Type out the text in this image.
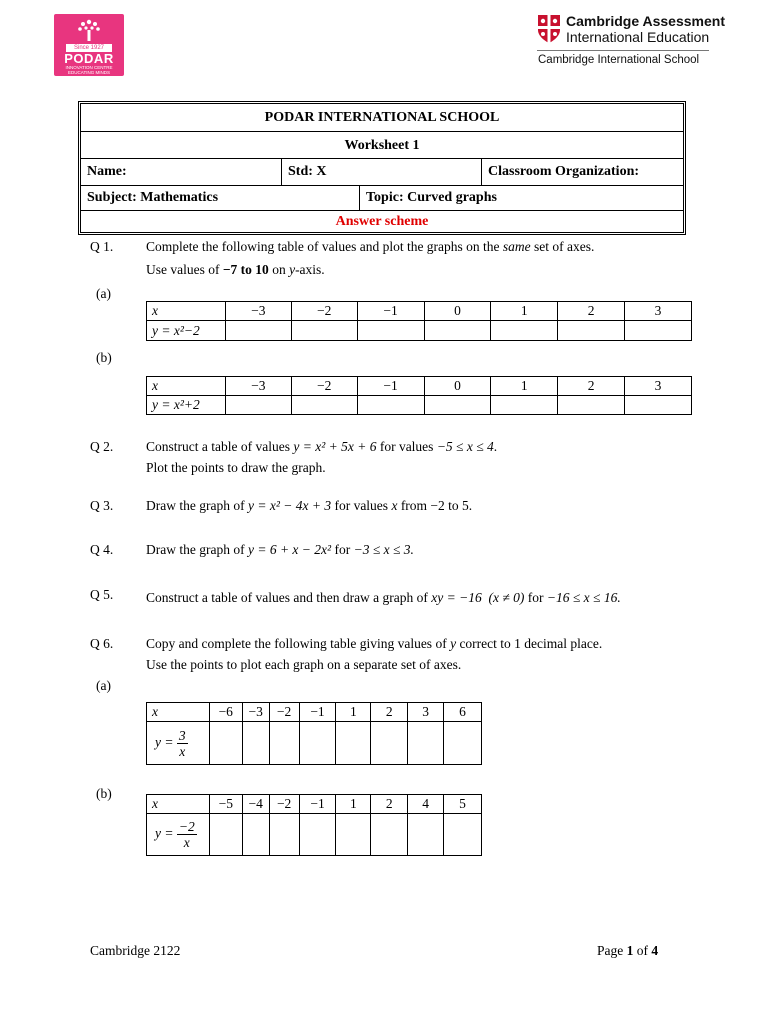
Since 1927
PODAR
INNOVATION CENTRE
EDUCATING MINDS
Cambridge Assessment
International Education
Cambridge International School
PODAR INTERNATIONAL SCHOOL
Worksheet 1
Name:	Std: X	Classroom Organization:
Subject: Mathematics	Topic: Curved graphs
Answer scheme
Q 1. Complete the following table of values and plot the graphs on the same set of axes.
Use values of −7 to 10 on y-axis.
(a)
x	−3	−2	−1	0	1	2	3
y = x²−2							
(b)
x	−3	−2	−1	0	1	2	3
y = x²+2							
Q 2. Construct a table of values y = x² + 5x + 6 for values −5 ≤ x ≤ 4.
Plot the points to draw the graph.
Q 3. Draw the graph of y = x² − 4x + 3 for values x from −2 to 5.
Q 4. Draw the graph of y = 6 + x − 2x² for −3 ≤ x ≤ 3.
Q 5. Construct a table of values and then draw a graph of xy = −16 (x ≠ 0) for −16 ≤ x ≤ 16.
Q 6. Copy and complete the following table giving values of y correct to 1 decimal place.
Use the points to plot each graph on a separate set of axes.
(a)
x	−6	−3	−2	−1	1	2	3	6
$y = \frac{3}{x}$

(b)
x	−5	−4	−2	−1	1	2	4	5
$y = \frac{-2}{x}$

Cambridge 2122	Page 1 of 4
